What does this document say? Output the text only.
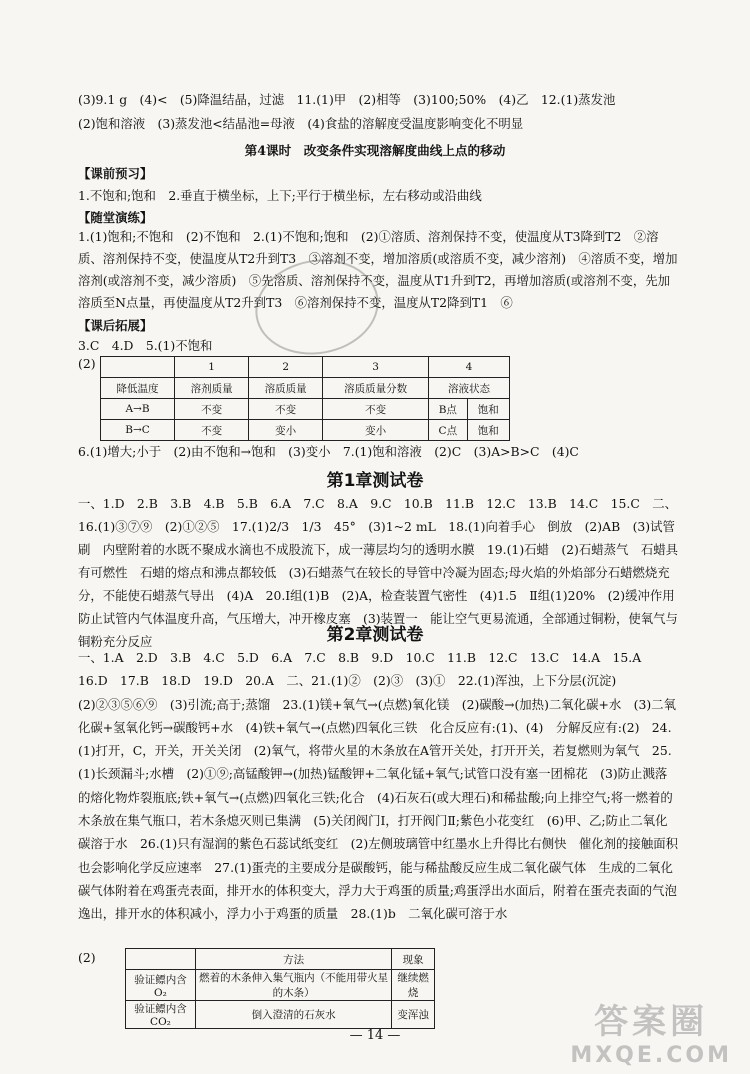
(3)9.1 g　(4)<　(5)降温结晶，过滤　11.(1)甲　(2)相等　(3)100;50%　(4)乙　12.(1)蒸发池
(2)饱和溶液　(3)蒸发池<结晶池=母液　(4)食盐的溶解度受温度影响变化不明显
第4课时　改变条件实现溶解度曲线上点的移动
【课前预习】
1.不饱和;饱和　2.垂直于横坐标，上下;平行于横坐标，左右移动或沿曲线
【随堂演练】
1.(1)饱和;不饱和　(2)不饱和　2.(1)不饱和;饱和　(2)①溶质、溶剂保持不变，使温度从T3降到T2　②溶质、溶剂保持不变，使温度从T2升到T3　③溶剂不变，增加溶质(或溶质不变，减少溶剂)　④溶质不变，增加溶剂(或溶剂不变，减少溶质)　⑤先溶质、溶剂保持不变，温度从T1升到T2，再增加溶质(或溶剂不变，先加溶质至N点量，再使温度从T2升到T3　⑥溶剂保持不变，温度从T2降到T1　⑥
【课后拓展】
3.C　4.D　5.(1)不饱和
(2)
		1	2	3	4	
降低温度	溶剂质量	溶质质量	溶质质量分数	溶液状态	
A→B	不变	不变	不变	B点	饱和
B→C	不变	变小	变小	C点	饱和
6.(1)增大;小于　(2)由不饱和→饱和　(3)变小　7.(1)饱和溶液　(2)C　(3)A>B>C　(4)C
第1章测试卷
一、1.D　2.B　3.B　4.B　5.B　6.A　7.C　8.A　9.C　10.B　11.B　12.C　13.B　14.C　15.C　二、16.(1)③⑦⑨　(2)①②⑤　17.(1)2/3　1/3　45°　(3)1~2 mL　18.(1)向着手心　倒放　(2)AB　(3)试管刷　内壁附着的水既不聚成水滴也不成股流下，成一薄层均匀的透明水膜　19.(1)石蜡　(2)石蜡蒸气　石蜡具有可燃性　石蜡的熔点和沸点都较低　(3)石蜡蒸气在较长的导管中冷凝为固态;母火焰的外焰部分石蜡燃烧充分，不能使石蜡蒸气导出　(4)A　20.I组(1)B　(2)A，检查装置气密性　(4)1.5　Ⅱ组(1)20%　(2)缓冲作用　防止试管内气体温度升高，气压增大，冲开橡皮塞　(3)装置一　能让空气更易流通，全部通过铜粉，使氧气与铜粉充分反应	第2章测试卷
一、1.A　2.D　3.B　4.C　5.D　6.A　7.C　8.B　9.D　10.C　11.B　12.C　13.C　14.A　15.A　16.D　17.B　18.D　19.D　20.A　二、21.(1)②　(2)③　(3)①　22.(1)浑浊，上下分层(沉淀)　(2)②③⑤⑥⑨　(3)引流;高于;蒸馏　23.(1)镁+氧气→(点燃)氧化镁　(2)碳酸→(加热)二氧化碳+水　(3)二氧化碳+氢氧化钙→碳酸钙+水　(4)铁+氧气→(点燃)四氧化三铁　化合反应有:(1)、(4)　分解反应有:(2)　24.(1)打开，C，开关，开关关闭　(2)氧气，将带火星的木条放在A管开关处，打开开关，若复燃则为氧气　25.(1)长颈漏斗;水槽　(2)①⑨;高锰酸钾→(加热)锰酸钾+二氧化锰+氧气;试管口没有塞一团棉花　(3)防止溅落的熔化物炸裂瓶底;铁+氧气→(点燃)四氧化三铁;化合　(4)石灰石(或大理石)和稀盐酸;向上排空气;将一燃着的木条放在集气瓶口，若木条熄灭则已集满　(5)关闭阀门Ⅰ，打开阀门Ⅱ;紫色小花变红　(6)甲、乙;防止二氧化碳溶于水　26.(1)只有湿润的紫色石蕊试纸变红　(2)左侧玻璃管中红墨水上升得比右侧快　催化剂的接触面积也会影响化学反应速率　27.(1)蛋壳的主要成分是碳酸钙，能与稀盐酸反应生成二氧化碳气体　生成的二氧化碳气体附着在鸡蛋壳表面，排开水的体积变大，浮力大于鸡蛋的质量;鸡蛋浮出水面后，附着在蛋壳表面的气泡逸出，排开水的体积减小，浮力小于鸡蛋的质量　28.(1)b　二氧化碳可溶于水
(2)
		方法	现象
验证鳔内含O₂	燃着的木条伸入集气瓶内（不能用带火星的木条）	继续燃烧
验证鳔内含CO₂	倒入澄清的石灰水	变浑浊
— 14 —	答案圈
MXQE.COM
